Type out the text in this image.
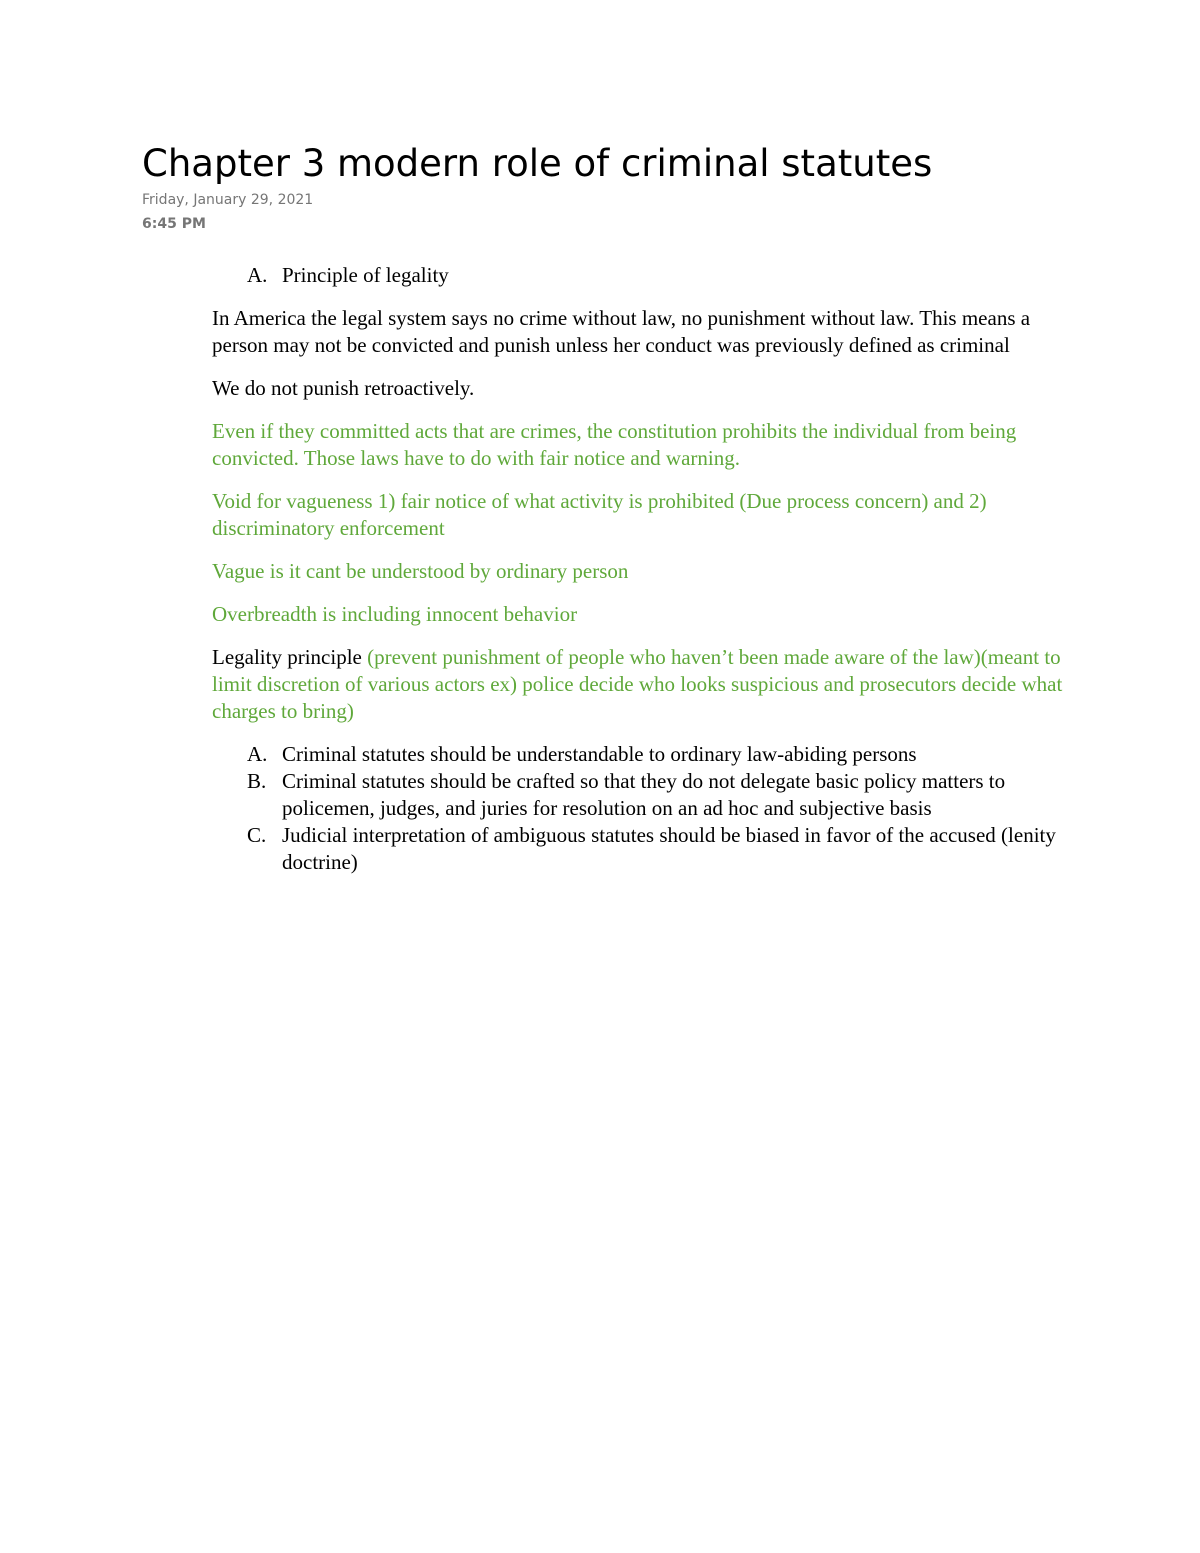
Chapter 3 modern role of criminal statutes
Friday, January 29, 2021
6:45 PM
A. Principle of legality

In America the legal system says no crime without law, no punishment without law. This means a person may not be convicted and punish unless her conduct was previously defined as criminal

We do not punish retroactively.

Even if they committed acts that are crimes, the constitution prohibits the individual from being convicted. Those laws have to do with fair notice and warning.

Void for vagueness 1) fair notice of what activity is prohibited (Due process concern) and 2) discriminatory enforcement

Vague is it cant be understood by ordinary person

Overbreadth is including innocent behavior

Legality principle (prevent punishment of people who haven’t been made aware of the law)(meant to limit discretion of various actors ex) police decide who looks suspicious and prosecutors decide what charges to bring)

A. Criminal statutes should be understandable to ordinary law-abiding persons
B. Criminal statutes should be crafted so that they do not delegate basic policy matters to policemen, judges, and juries for resolution on an ad hoc and subjective basis
C. Judicial interpretation of ambiguous statutes should be biased in favor of the accused (lenity doctrine)
